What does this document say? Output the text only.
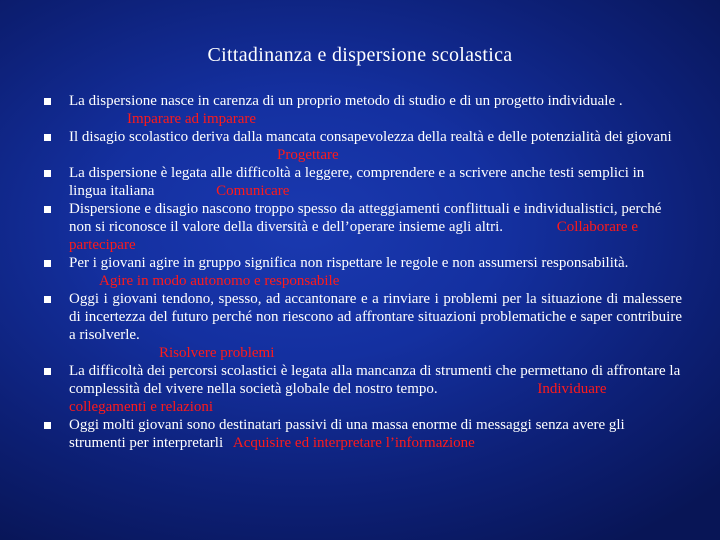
Cittadinanza e dispersione scolastica
La dispersione nasce in carenza di un proprio metodo di studio e di un progetto individuale . Imparare ad imparare
Il disagio scolastico deriva dalla mancata consapevolezza della realtà e delle potenzialità dei giovani Progettare
La dispersione è legata alle difficoltà a leggere, comprendere e a scrivere anche testi semplici in lingua italiana	Comunicare
Dispersione e disagio nascono troppo spesso da atteggiamenti conflittuali e individualistici, perché non si riconosce il valore della diversità e dell’operare insieme agli altri.	Collaborare e partecipare
Per i giovani agire in gruppo significa non rispettare le regole e non assumersi responsabilità. Agire in modo autonomo e responsabile
Oggi i giovani tendono, spesso, ad accantonare e a rinviare i problemi per la situazione di malessere di incertezza del futuro perché non riescono ad affrontare situazioni problematiche e saper contribuire a risolverle.
Risolvere problemi
La difficoltà dei percorsi scolastici è legata alla mancanza di strumenti che permettano di affrontare la complessità del vivere nella società globale del nostro tempo.	Individuare collegamenti e relazioni
Oggi molti giovani sono destinatari passivi di una massa enorme di messaggi senza avere gli strumenti per interpretarli Acquisire ed interpretare l’informazione
